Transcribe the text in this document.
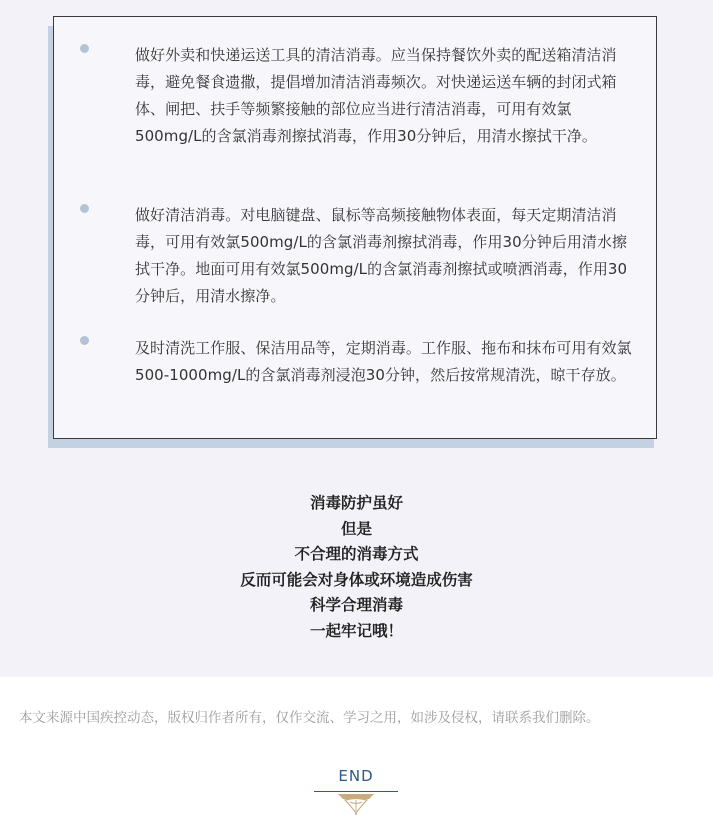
做好外卖和快递运送工具的清洁消毒。应当保持餐饮外卖的配送箱清洁消毒，避免餐食遗撒，提倡增加清洁消毒频次。对快递运送车辆的封闭式箱体、闸把、扶手等频繁接触的部位应当进行清洁消毒，可用有效氯500mg/L的含氯消毒剂擦拭消毒，作用30分钟后，用清水擦拭干净。

做好清洁消毒。对电脑键盘、鼠标等高频接触物体表面，每天定期清洁消毒，可用有效氯500mg/L的含氯消毒剂擦拭消毒，作用30分钟后用清水擦拭干净。地面可用有效氯500mg/L的含氯消毒剂擦拭或喷洒消毒，作用30分钟后，用清水擦净。

及时清洗工作服、保洁用品等，定期消毒。工作服、拖布和抹布可用有效氯500-1000mg/L的含氯消毒剂浸泡30分钟，然后按常规清洗，晾干存放。

消毒防护虽好
但是
不合理的消毒方式
反而可能会对身体或环境造成伤害
科学合理消毒
一起牢记哦！

本文来源中国疾控动态，版权归作者所有，仅作交流、学习之用，如涉及侵权，请联系我们删除。

END
